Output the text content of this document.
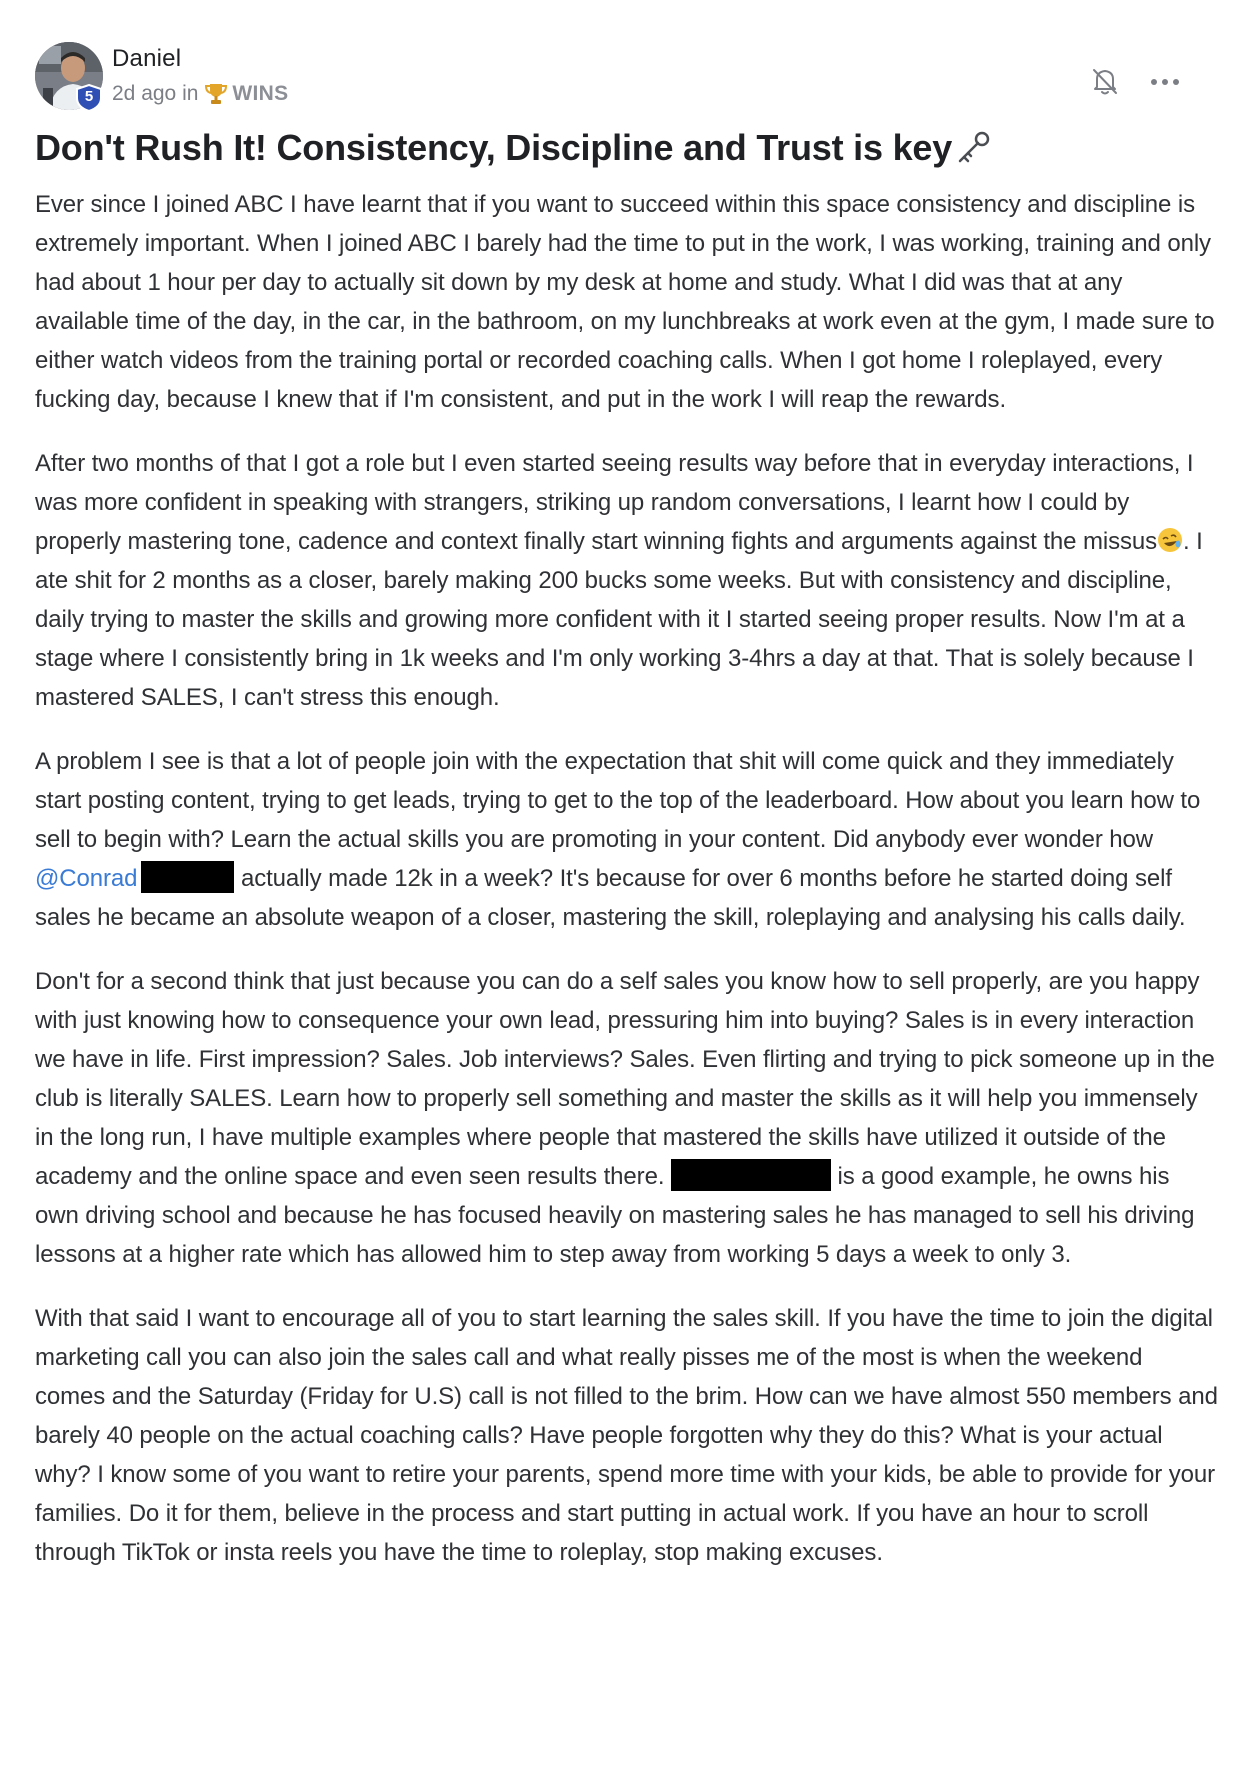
5
Daniel
2d ago in WINS
Don't Rush It! Consistency, Discipline and Trust is key

Ever since I joined ABC I have learnt that if you want to succeed within this space consistency and discipline is extremely important. When I joined ABC I barely had the time to put in the work, I was working, training and only had about 1 hour per day to actually sit down by my desk at home and study. What I did was that at any available time of the day, in the car, in the bathroom, on my lunchbreaks at work even at the gym, I made sure to either watch videos from the training portal or recorded coaching calls. When I got home I roleplayed, every fucking day, because I knew that if I'm consistent, and put in the work I will reap the rewards.

After two months of that I got a role but I even started seeing results way before that in everyday interactions, I was more confident in speaking with strangers, striking up random conversations, I learnt how I could by properly mastering tone, cadence and context finally start winning fights and arguments against the missus . I ate shit for 2 months as a closer, barely making 200 bucks some weeks. But with consistency and discipline, daily trying to master the skills and growing more confident with it I started seeing proper results. Now I'm at a stage where I consistently bring in 1k weeks and I'm only working 3-4hrs a day at that. That is solely because I mastered SALES, I can't stress this enough.

A problem I see is that a lot of people join with the expectation that shit will come quick and they immediately start posting content, trying to get leads, trying to get to the top of the leaderboard. How about you learn how to sell to begin with? Learn the actual skills you are promoting in your content. Did anybody ever wonder how @Conrad	actually made 12k in a week? It's because for over 6 months before he started doing self sales he became an absolute weapon of a closer, mastering the skill, roleplaying and analysing his calls daily.

Don't for a second think that just because you can do a self sales you know how to sell properly, are you happy with just knowing how to consequence your own lead, pressuring him into buying? Sales is in every interaction we have in life. First impression? Sales. Job interviews? Sales. Even flirting and trying to pick someone up in the club is literally SALES. Learn how to properly sell something and master the skills as it will help you immensely in the long run, I have multiple examples where people that mastered the skills have utilized it outside of the academy and the online space and even seen results there.	is a good example, he owns his own driving school and because he has focused heavily on mastering sales he has managed to sell his driving lessons at a higher rate which has allowed him to step away from working 5 days a week to only 3.

With that said I want to encourage all of you to start learning the sales skill. If you have the time to join the digital marketing call you can also join the sales call and what really pisses me of the most is when the weekend comes and the Saturday (Friday for U.S) call is not filled to the brim. How can we have almost 550 members and barely 40 people on the actual coaching calls? Have people forgotten why they do this? What is your actual why? I know some of you want to retire your parents, spend more time with your kids, be able to provide for your families. Do it for them, believe in the process and start putting in actual work. If you have an hour to scroll through TikTok or insta reels you have the time to roleplay, stop making excuses.
